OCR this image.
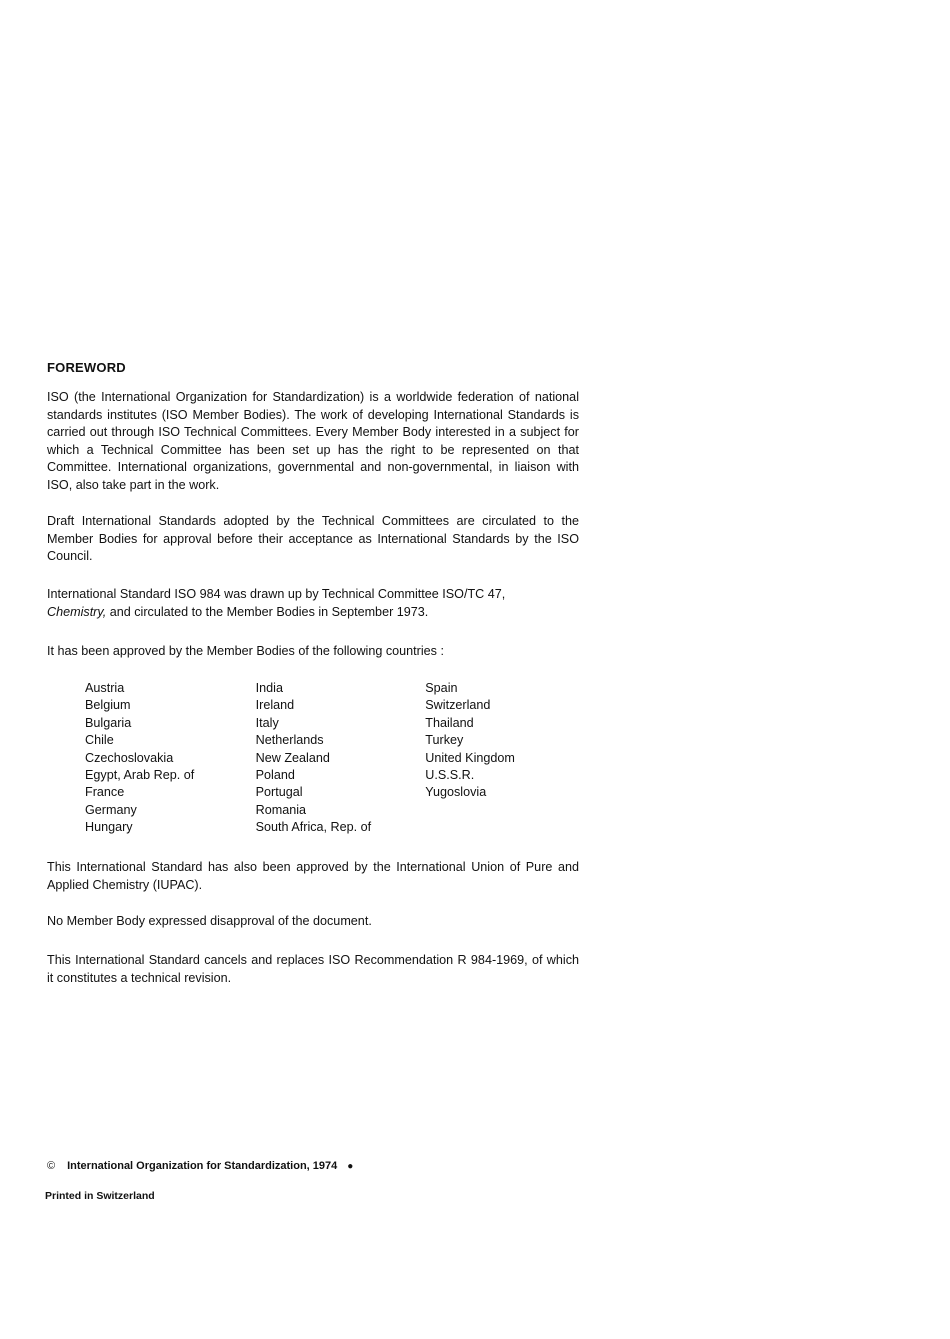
FOREWORD

ISO (the International Organization for Standardization) is a worldwide federation of national standards institutes (ISO Member Bodies). The work of developing International Standards is carried out through ISO Technical Committees. Every Member Body interested in a subject for which a Technical Committee has been set up has the right to be represented on that Committee. International organizations, governmental and non-governmental, in liaison with ISO, also take part in the work.

Draft International Standards adopted by the Technical Committees are circulated to the Member Bodies for approval before their acceptance as International Standards by the ISO Council.

International Standard ISO 984 was drawn up by Technical Committee ISO/TC 47,
Chemistry, and circulated to the Member Bodies in September 1973.

It has been approved by the Member Bodies of the following countries :

Austria
Belgium
Bulgaria
Chile
Czechoslovakia
Egypt, Arab Rep. of
France
Germany
Hungary
India
Ireland
Italy
Netherlands
New Zealand
Poland
Portugal
Romania
South Africa, Rep. of
Spain
Switzerland
Thailand
Turkey
United Kingdom
U.S.S.R.
Yugoslovia

This International Standard has also been approved by the International Union of Pure and Applied Chemistry (IUPAC).

No Member Body expressed disapproval of the document.

This International Standard cancels and replaces ISO Recommendation R 984-1969, of which it constitutes a technical revision.

© International Organization for Standardization, 1974 ●
Printed in Switzerland
